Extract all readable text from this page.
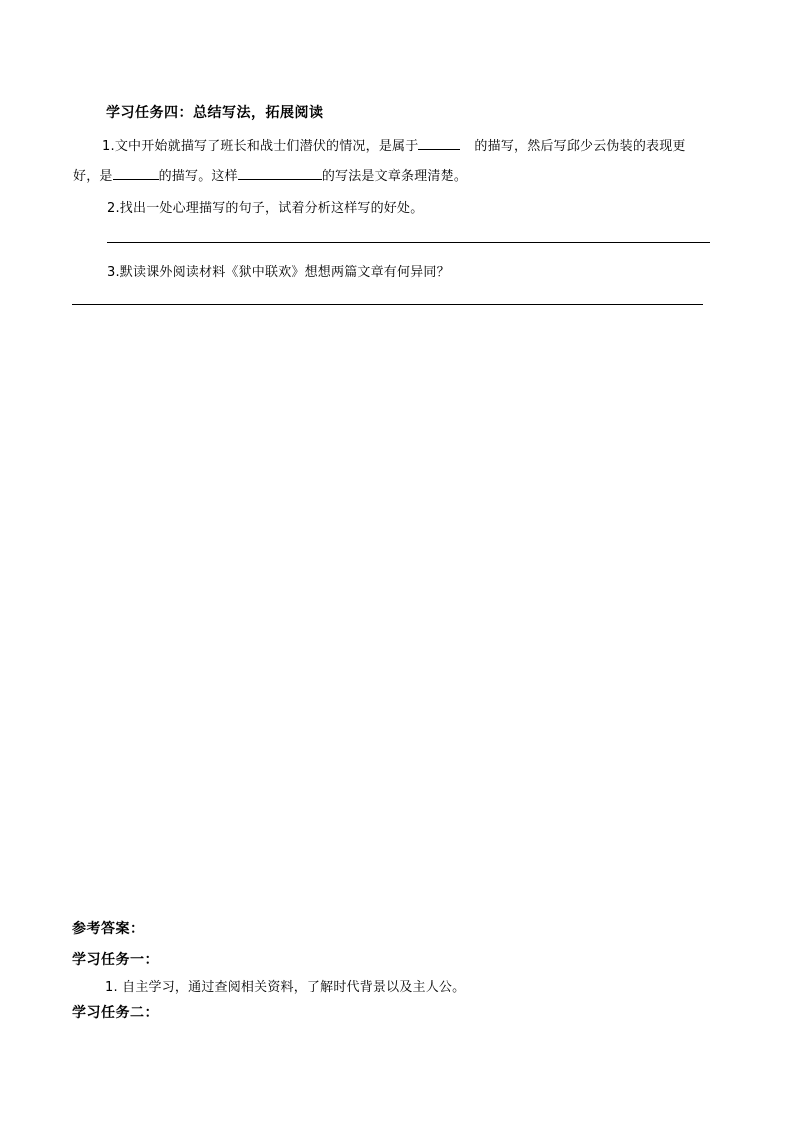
学习任务四：总结写法，拓展阅读
1.文中开始就描写了班长和战士们潜伏的情况，是属于	的描写，然后写邱少云伪装的表现更
好，是	的描写。这样	的写法是文章条理清楚。
2.找出一处心理描写的句子，试着分析这样写的好处。
3.默读课外阅读材料《狱中联欢》想想两篇文章有何异同？
参考答案：
学习任务一：
1. 自主学习，通过查阅相关资料，了解时代背景以及主人公。
学习任务二：
